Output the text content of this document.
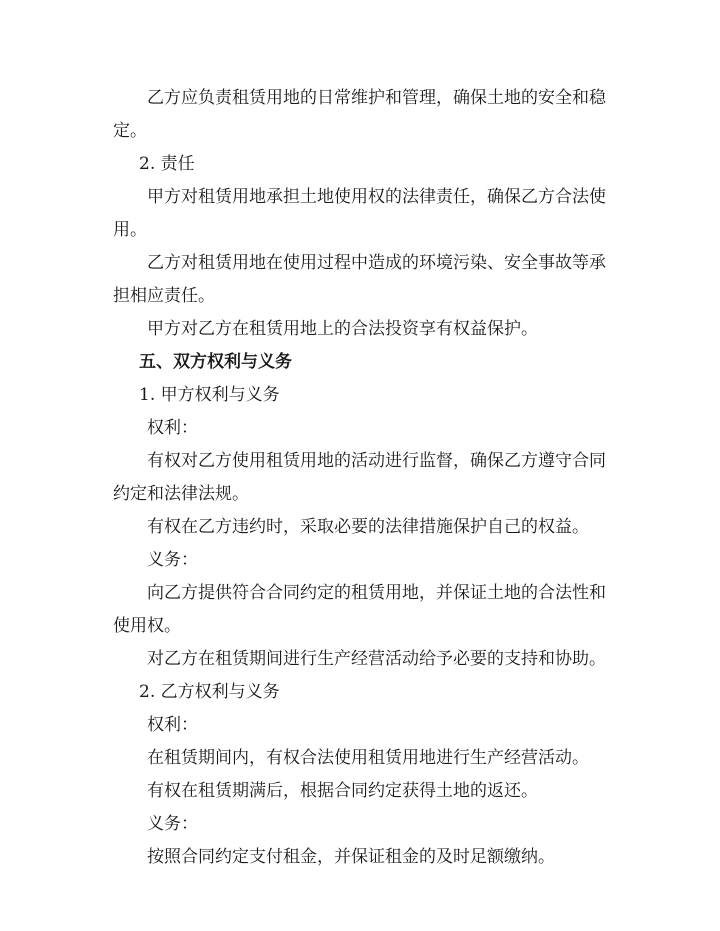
乙方应负责租赁用地的日常维护和管理，确保土地的安全和稳定。

2. 责任

甲方对租赁用地承担土地使用权的法律责任，确保乙方合法使用。

乙方对租赁用地在使用过程中造成的环境污染、安全事故等承担相应责任。

甲方对乙方在租赁用地上的合法投资享有权益保护。

五、双方权利与义务

1. 甲方权利与义务

权利：

有权对乙方使用租赁用地的活动进行监督，确保乙方遵守合同约定和法律法规。

有权在乙方违约时，采取必要的法律措施保护自己的权益。

义务：

向乙方提供符合合同约定的租赁用地，并保证土地的合法性和使用权。

对乙方在租赁期间进行生产经营活动给予必要的支持和协助。

2. 乙方权利与义务

权利：

在租赁期间内，有权合法使用租赁用地进行生产经营活动。

有权在租赁期满后，根据合同约定获得土地的返还。

义务：

按照合同约定支付租金，并保证租金的及时足额缴纳。
